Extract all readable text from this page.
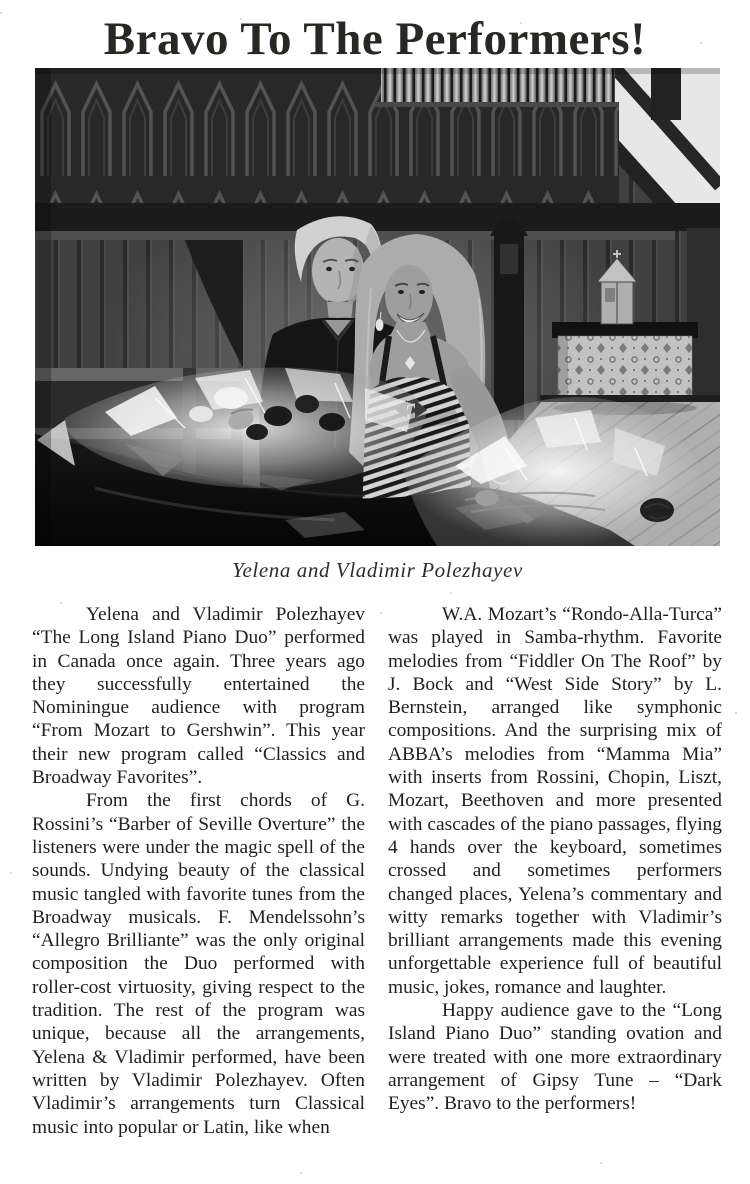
Bravo To The Performers!
Yelena and Vladimir Polezhayev

Yelena and Vladimir Polezhayev “The Long Island Piano Duo” performed in Canada once again. Three years ago they successfully entertained the Nominingue audience with program “From Mozart to Gershwin”. This year their new program called “Classics and Broadway Favorites”.

From the first chords of G. Rossini’s “Barber of Seville Overture” the listeners were under the magic spell of the sounds. Undying beauty of the classical music tangled with favorite tunes from the Broadway musicals. F. Mendelssohn’s “Allegro Brilliante” was the only original composition the Duo performed with roller-cost virtuosity, giving respect to the tradition. The rest of the program was unique, because all the arrangements, Yelena & Vladimir performed, have been written by Vladimir Polezhayev. Often Vladimir’s arrangements turn Classical music into popular or Latin, like when

W.A. Mozart’s “Rondo-Alla-Turca” was played in Samba-rhythm. Favorite melodies from “Fiddler On The Roof” by J. Bock and “West Side Story” by L. Bernstein, arranged like symphonic compositions. And the surprising mix of ABBA’s melodies from “Mamma Mia” with inserts from Rossini, Chopin, Liszt, Mozart, Beethoven and more presented with cascades of the piano passages, flying 4 hands over the keyboard, sometimes crossed and sometimes performers changed places, Yelena’s commentary and witty remarks together with Vladimir’s brilliant arrangements made this evening unforgettable experience full of beautiful music, jokes, romance and laughter.

Happy audience gave to the “Long Island Piano Duo” standing ovation and were treated with one more extraordinary arrangement of Gipsy Tune – “Dark Eyes”. Bravo to the performers!
